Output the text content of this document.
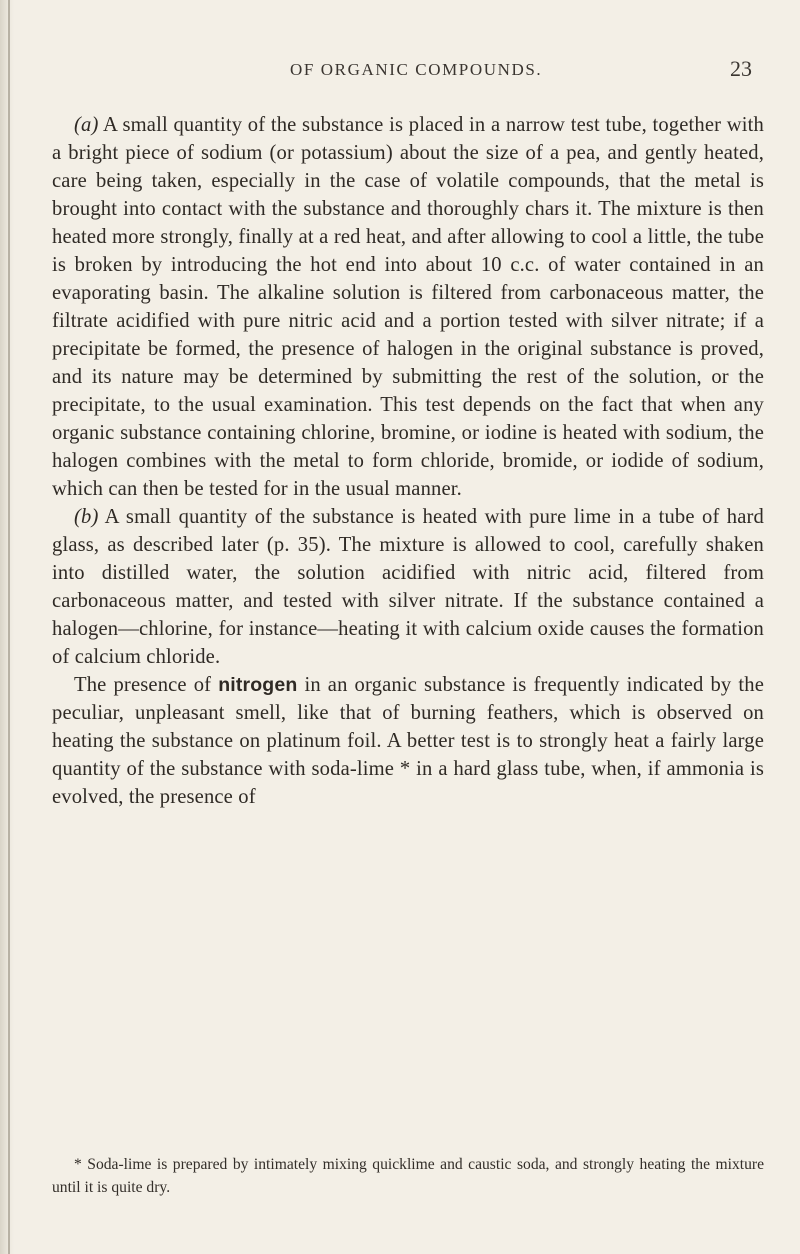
OF ORGANIC COMPOUNDS.	23

(a) A small quantity of the substance is placed in a narrow test tube, together with a bright piece of sodium (or potassium) about the size of a pea, and gently heated, care being taken, especially in the case of volatile compounds, that the metal is brought into contact with the substance and thoroughly chars it. The mixture is then heated more strongly, finally at a red heat, and after allowing to cool a little, the tube is broken by introducing the hot end into about 10 c.c. of water contained in an evaporating basin. The alkaline solution is filtered from carbonaceous matter, the filtrate acidified with pure nitric acid and a portion tested with silver nitrate; if a precipitate be formed, the presence of halogen in the original substance is proved, and its nature may be determined by submitting the rest of the solution, or the precipitate, to the usual examination. This test depends on the fact that when any organic substance containing chlorine, bromine, or iodine is heated with sodium, the halogen combines with the metal to form chloride, bromide, or iodide of sodium, which can then be tested for in the usual manner.

(b) A small quantity of the substance is heated with pure lime in a tube of hard glass, as described later (p. 35). The mixture is allowed to cool, carefully shaken into distilled water, the solution acidified with nitric acid, filtered from carbonaceous matter, and tested with silver nitrate. If the substance contained a halogen—chlorine, for instance—heating it with calcium oxide causes the formation of calcium chloride.

The presence of nitrogen in an organic substance is frequently indicated by the peculiar, unpleasant smell, like that of burning feathers, which is observed on heating the substance on platinum foil. A better test is to strongly heat a fairly large quantity of the substance with soda-lime * in a hard glass tube, when, if ammonia is evolved, the presence of

* Soda-lime is prepared by intimately mixing quicklime and caustic soda, and strongly heating the mixture until it is quite dry.
